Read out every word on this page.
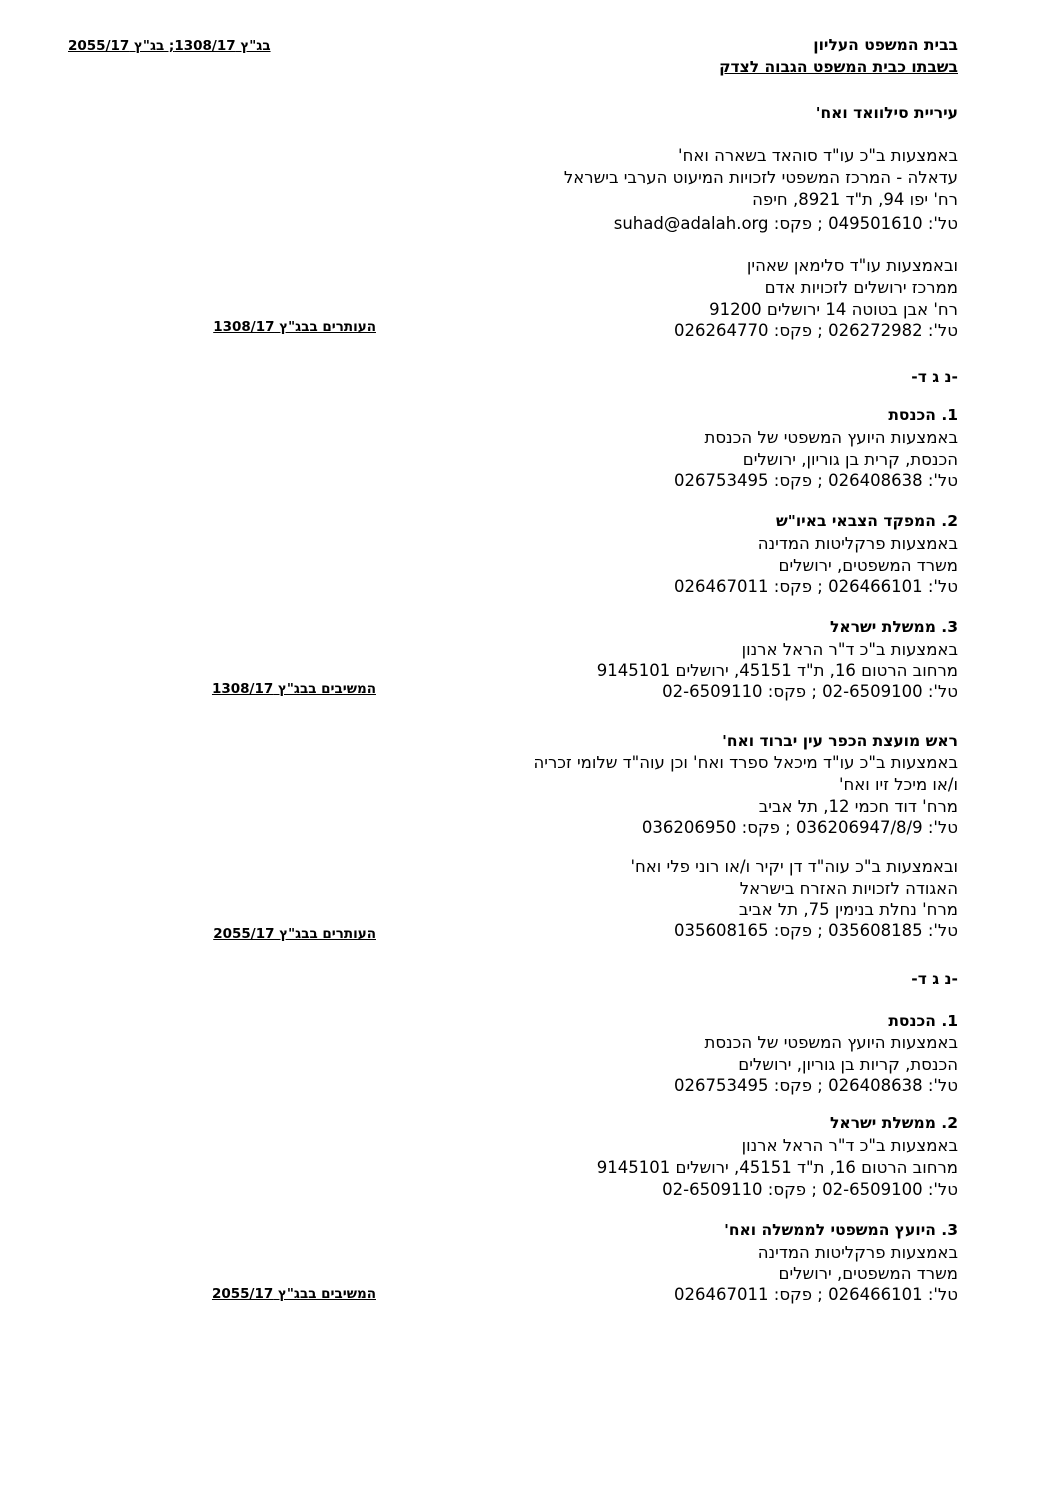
בבית המשפט העליון
בשבתו כבית המשפט הגבוה לצדק
בג"ץ 1308/17; בג"ץ 2055/17
עיריית סילוואד ואח'
באמצעות ב"כ עו"ד סוהאד בשארה ואח'
עדאלה - המרכז המשפטי לזכויות המיעוט הערבי בישראל
רח' יפו 94, ת"ד 8921, חיפה
טל': 049501610 ; פקס: suhad@adalah.org
ובאמצעות עו"ד סלימאן שאהין
ממרכז ירושלים לזכויות אדם
רח' אבן בטוטה 14 ירושלים 91200
טל': 026272982 ; פקס: 026264770
העותרים בבג"ץ 1308/17
-נ ג ד-
1. הכנסת
באמצעות היועץ המשפטי של הכנסת
הכנסת, קרית בן גוריון, ירושלים
טל': 026408638 ; פקס: 026753495
2. המפקד הצבאי באיו"ש
באמצעות פרקליטות המדינה
משרד המשפטים, ירושלים
טל': 026466101 ; פקס: 026467011
3. ממשלת ישראל
באמצעות ב"כ ד"ר הראל ארנון
מרחוב הרטום 16, ת"ד 45151, ירושלים 9145101
טל': 02-6509100 ; פקס: 02-6509110
המשיבים בבג"ץ 1308/17
ראש מועצת הכפר עין יברוד ואח'
באמצעות ב"כ עו"ד מיכאל ספרד ואח' וכן עוה"ד שלומי זכריה
ו/או מיכל זיו ואח'
מרח' דוד חכמי 12, תל אביב
טל': 036206947/8/9 ; פקס: 036206950
ובאמצעות ב"כ עוה"ד דן יקיר ו/או רוני פלי ואח'
האגודה לזכויות האזרח בישראל
מרח' נחלת בנימין 75, תל אביב
טל': 035608185 ; פקס: 035608165
העותרים בבג"ץ 2055/17
-נ ג ד-
1. הכנסת
באמצעות היועץ המשפטי של הכנסת
הכנסת, קריות בן גוריון, ירושלים
טל': 026408638 ; פקס: 026753495
2. ממשלת ישראל
באמצעות ב"כ ד"ר הראל ארנון
מרחוב הרטום 16, ת"ד 45151, ירושלים 9145101
טל': 02-6509100 ; פקס: 02-6509110
3. היועץ המשפטי לממשלה ואח'
באמצעות פרקליטות המדינה
משרד המשפטים, ירושלים
טל': 026466101 ; פקס: 026467011
המשיבים בבג"ץ 2055/17
